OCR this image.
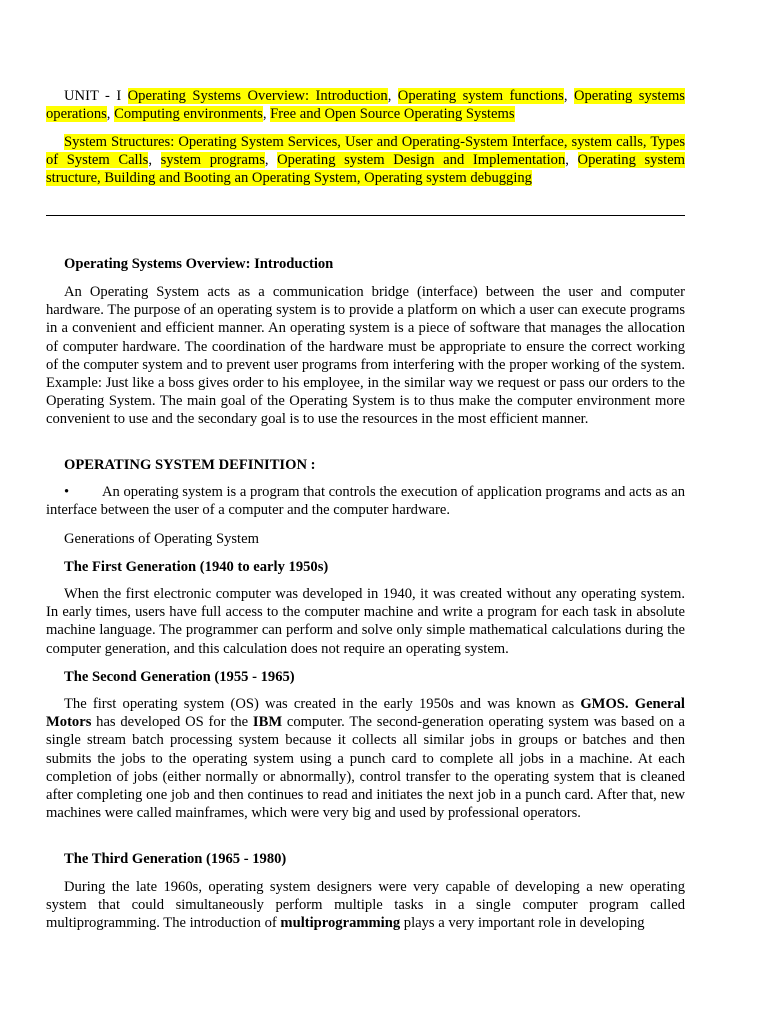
UNIT - I Operating Systems Overview: Introduction, Operating system functions, Operating systems operations, Computing environments, Free and Open Source Operating Systems

System Structures: Operating System Services, User and Operating-System Interface, system calls, Types of System Calls, system programs, Operating system Design and Implementation, Operating system structure, Building and Booting an Operating System, Operating system debugging

Operating Systems Overview: Introduction

An Operating System acts as a communication bridge (interface) between the user and computer hardware. The purpose of an operating system is to provide a platform on which a user can execute programs in a convenient and efficient manner. An operating system is a piece of software that manages the allocation of computer hardware. The coordination of the hardware must be appropriate to ensure the correct working of the computer system and to prevent user programs from interfering with the proper working of the system. Example: Just like a boss gives order to his employee, in the similar way we request or pass our orders to the Operating System. The main goal of the Operating System is to thus make the computer environment more convenient to use and the secondary goal is to use the resources in the most efficient manner.

OPERATING SYSTEM DEFINITION :

• An operating system is a program that controls the execution of application programs and acts as an interface between the user of a computer and the computer hardware.

Generations of Operating System

The First Generation (1940 to early 1950s)

When the first electronic computer was developed in 1940, it was created without any operating system. In early times, users have full access to the computer machine and write a program for each task in absolute machine language. The programmer can perform and solve only simple mathematical calculations during the computer generation, and this calculation does not require an operating system.

The Second Generation (1955 - 1965)

The first operating system (OS) was created in the early 1950s and was known as GMOS. General Motors has developed OS for the IBM computer. The second-generation operating system was based on a single stream batch processing system because it collects all similar jobs in groups or batches and then submits the jobs to the operating system using a punch card to complete all jobs in a machine. At each completion of jobs (either normally or abnormally), control transfer to the operating system that is cleaned after completing one job and then continues to read and initiates the next job in a punch card. After that, new machines were called mainframes, which were very big and used by professional operators.

The Third Generation (1965 - 1980)

During the late 1960s, operating system designers were very capable of developing a new operating system that could simultaneously perform multiple tasks in a single computer program called multiprogramming. The introduction of multiprogramming plays a very important role in developing
